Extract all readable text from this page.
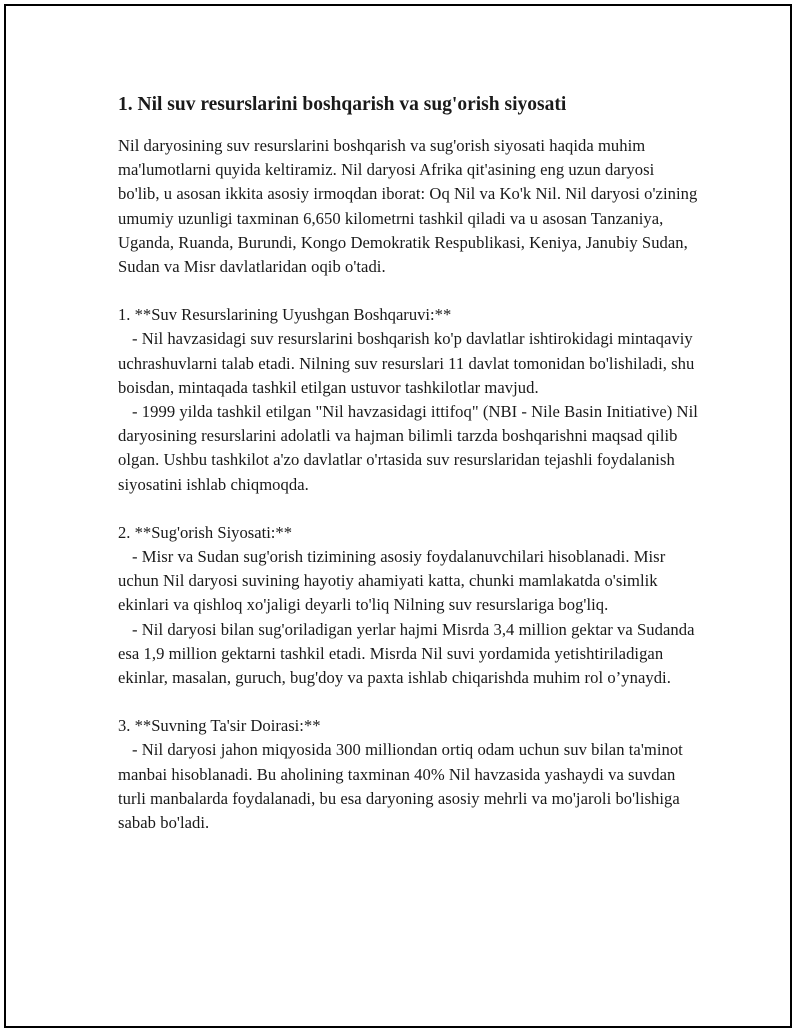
1. Nil suv resurslarini boshqarish va sug'orish siyosati

Nil daryosining suv resurslarini boshqarish va sug'orish siyosati haqida muhim ma'lumotlarni quyida keltiramiz. Nil daryosi Afrika qit'asining eng uzun daryosi bo'lib, u asosan ikkita asosiy irmoqdan iborat: Oq Nil va Ko'k Nil. Nil daryosi o'zining umumiy uzunligi taxminan 6,650 kilometrni tashkil qiladi va u asosan Tanzaniya, Uganda, Ruanda, Burundi, Kongo Demokratik Respublikasi, Keniya, Janubiy Sudan, Sudan va Misr davlatlaridan oqib o'tadi.

1. **Suv Resurslarining Uyushgan Boshqaruvi:**

- Nil havzasidagi suv resurslarini boshqarish ko'p davlatlar ishtirokidagi mintaqaviy uchrashuvlarni talab etadi. Nilning suv resurslari 11 davlat tomonidan bo'lishiladi, shu boisdan, mintaqada tashkil etilgan ustuvor tashkilotlar mavjud.

- 1999 yilda tashkil etilgan "Nil havzasidagi ittifoq" (NBI - Nile Basin Initiative) Nil daryosining resurslarini adolatli va hajman bilimli tarzda boshqarishni maqsad qilib olgan. Ushbu tashkilot a'zo davlatlar o'rtasida suv resurslaridan tejashli foydalanish siyosatini ishlab chiqmoqda.

2. **Sug'orish Siyosati:**

- Misr va Sudan sug'orish tizimining asosiy foydalanuvchilari hisoblanadi. Misr uchun Nil daryosi suvining hayotiy ahamiyati katta, chunki mamlakatda o'simlik ekinlari va qishloq xo'jaligi deyarli to'liq Nilning suv resurslariga bog'liq.

- Nil daryosi bilan sug'oriladigan yerlar hajmi Misrda 3,4 million gektar va Sudanda esa 1,9 million gektarni tashkil etadi. Misrda Nil suvi yordamida yetishtiriladigan ekinlar, masalan, guruch, bug'doy va paxta ishlab chiqarishda muhim rol o’ynaydi.

3. **Suvning Ta'sir Doirasi:**

- Nil daryosi jahon miqyosida 300 milliondan ortiq odam uchun suv bilan ta'minot manbai hisoblanadi. Bu aholining taxminan 40% Nil havzasida yashaydi va suvdan turli manbalarda foydalanadi, bu esa daryoning asosiy mehrli va mo'jaroli bo'lishiga sabab bo'ladi.
